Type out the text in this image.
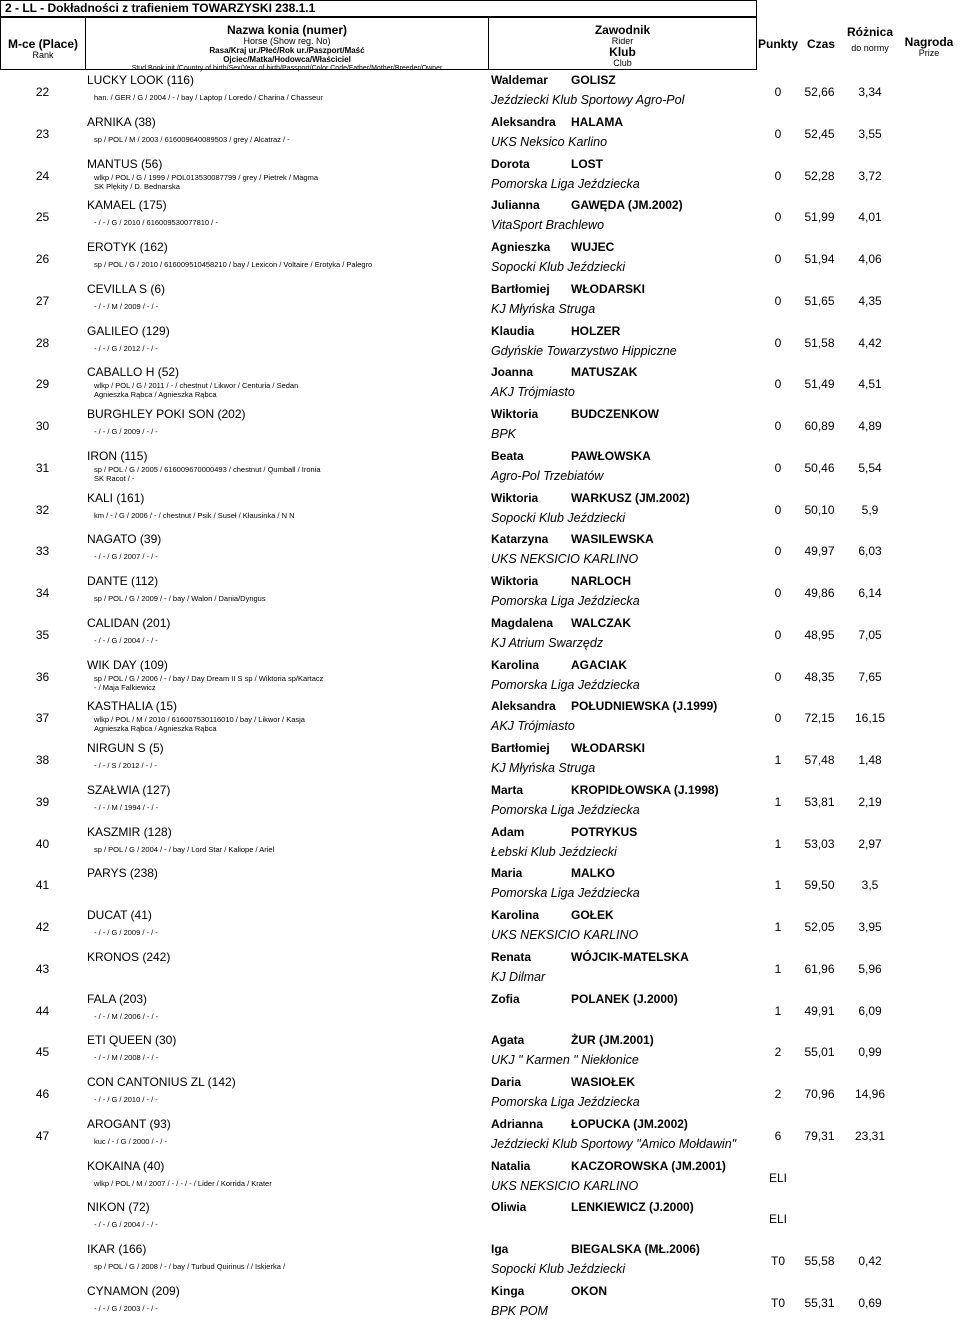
2 - LL - Dokładności z trafieniem TOWARZYSKI 238.1.1
M-ce (Place)
Rank
Nazwa konia (numer)
Horse (Show reg. No)
Rasa/Kraj ur./Płeć/Rok ur./Paszport/Maść
Ojciec/Matka/Hodowca/Właściciel
Stud Book init./Country of birth/Sex/Year of birth/Passport/Color Code/Father/Mother/Breeder/Owner
Zawodnik
Rider
Klub
Club
Punkty Czas
Różnica
do normy	Nagroda
Prize
22
LUCKY LOOK (116)
han. / GER / G / 2004 / - / bay / Laptop / Loredo / Charina / Chasseur
Waldemar GOLISZ
Jeździecki Klub Sportowy Agro-Pol
0	52,66	3,34
23
ARNIKA (38)
sp / POL / M / 2003 / 616009640089503 / grey / Alcatraz / -
Aleksandra HALAMA
UKS Neksico Karlino
0	52,45	3,55
24
MANTUS (56)
wlkp / POL / G / 1999 / POL013530087799 / grey / Pietrek / Magma
SK Plękity / D. Bednarska
Dorota	LOST
Pomorska Liga Jeździecka
0	52,28	3,72
25
KAMAEL (175)
- / - / G / 2010 / 616009530077810 / -
Julianna	GAWĘDA (JM.2002)
VitaSport Brachlewo
0	51,99	4,01
26
EROTYK (162)
sp / POL / G / 2010 / 616009510458210 / bay / Lexicon / Voltaire / Erotyka / Palegro
Agnieszka WUJEC
Sopocki Klub Jeździecki
0	51,94	4,06
27
CEVILLA S (6)
- / - / M / 2009 / - / -
Bartłomiej WŁODARSKI
KJ Młyńska Struga
0	51,65	4,35
28
GALILEO (129)
- / - / G / 2012 / - / -
Klaudia	HOLZER
Gdyńskie Towarzystwo Hippiczne
0	51,58	4,42
29
CABALLO H (52)
wlkp / POL / G / 2011 / - / chestnut / Likwor / Centuria / Sedan
Agnieszka Rąbca / Agnieszka Rąbca
Joanna	MATUSZAK
AKJ Trójmiasto
0	51,49	4,51
30
BURGHLEY POKI SON (202)
- / - / G / 2009 / - / -
Wiktoria	BUDCZENKOW
BPK
0	60,89	4,89
31
IRON (115)
sp / POL / G / 2005 / 616009670000493 / chestnut / Qumball / Ironia
SK Racot / -
Beata	PAWŁOWSKA
Agro-Pol Trzebiatów
0	50,46	5,54
32
KALI (161)
km / - / G / 2006 / - / chestnut / Psik / Suseł / Kłausinka / N N
Wiktoria	WARKUSZ (JM.2002)
Sopocki Klub Jeździecki
0	50,10	5,9
33
NAGATO (39)
- / - / G / 2007 / - / -
Katarzyna WASILEWSKA
UKS NEKSICIO KARLINO
0	49,97	6,03
34
DANTE (112)
sp / POL / G / 2009 / - / bay / Walon / Dania/Dyngus
Wiktoria	NARLOCH
Pomorska Liga Jeździecka
0	49,86	6,14
35
CALIDAN (201)
- / - / G / 2004 / - / -
Magdalena WALCZAK
KJ Atrium Swarzędz
0	48,95	7,05
36
WIK DAY (109)
sp / POL / G / 2006 / - / bay / Day Dream II S sp / Wiktoria sp/Kartacz
- / Maja Falkiewicz
Karolina	AGACIAK
Pomorska Liga Jeździecka
0	48,35	7,65
37
KASTHALIA (15)
wlkp / POL / M / 2010 / 616007530116010 / bay / Likwor / Kasja
Agnieszka Rąbca / Agnieszka Rąbca
Aleksandra POŁUDNIEWSKA (J.1999)
AKJ Trójmiasto
0	72,15	16,15
38
NIRGUN S (5)
- / - / S / 2012 / - / -
Bartłomiej WŁODARSKI
KJ Młyńska Struga
1	57,48	1,48
39
SZAŁWIA (127)
- / - / M / 1994 / - / -
Marta	KROPIDŁOWSKA (J.1998)
Pomorska Liga Jeździecka
1	53,81	2,19
40
KASZMIR (128)
sp / POL / G / 2004 / - / bay / Lord Star / Kaliope / Ariel
Adam	POTRYKUS
Łebski Klub Jeździecki
1	53,03	2,97
41
PARYS (238)	Maria	MALKO
Pomorska Liga Jeździecka
1	59,50	3,5
42
DUCAT (41)
- / - / G / 2009 / - / -
Karolina	GOŁEK
UKS NEKSICIO KARLINO
1	52,05	3,95
43
KRONOS (242)	Renata	WÓJCIK-MATELSKA
KJ Dilmar
1	61,96	5,96
44
FALA (203)
- / - / M / 2006 / - / -
Zofia	POLANEK (J.2000)
1	49,91	6,09
45
ETI QUEEN (30)
- / - / M / 2008 / - / -
Agata	ŻUR (JM.2001)
UKJ " Karmen " Niekłonice
2	55,01	0,99
46
CON CANTONIUS ZL (142)
- / - / G / 2010 / - / -
Daria	WASIOŁEK
Pomorska Liga Jeździecka
2	70,96	14,96
47
AROGANT (93)
kuc / - / G / 2000 / - / -
Adrianna ŁOPUCKA (JM.2002)
Jeździecki Klub Sportowy "Amico Mołdawin"
6	79,31	23,31
KOKAINA (40)
wlkp / POL / M / 2007 / - / - / - / Lider / Korrida / Krater
Natalia	KACZOROWSKA (JM.2001)
UKS NEKSICIO KARLINO
ELI
NIKON (72)
- / - / G / 2004 / - / -
Oliwia	LENKIEWICZ (J.2000)
ELI
IKAR (166)
sp / POL / G / 2008 / - / bay / Turbud Quirinus / / Iskierka /
Iga	BIEGALSKA (MŁ.2006)
Sopocki Klub Jeździecki
T0	55,58	0,42
CYNAMON (209)
- / - / G / 2003 / - / -
Kinga	OKON
BPK POM
T0	55,31	0,69
